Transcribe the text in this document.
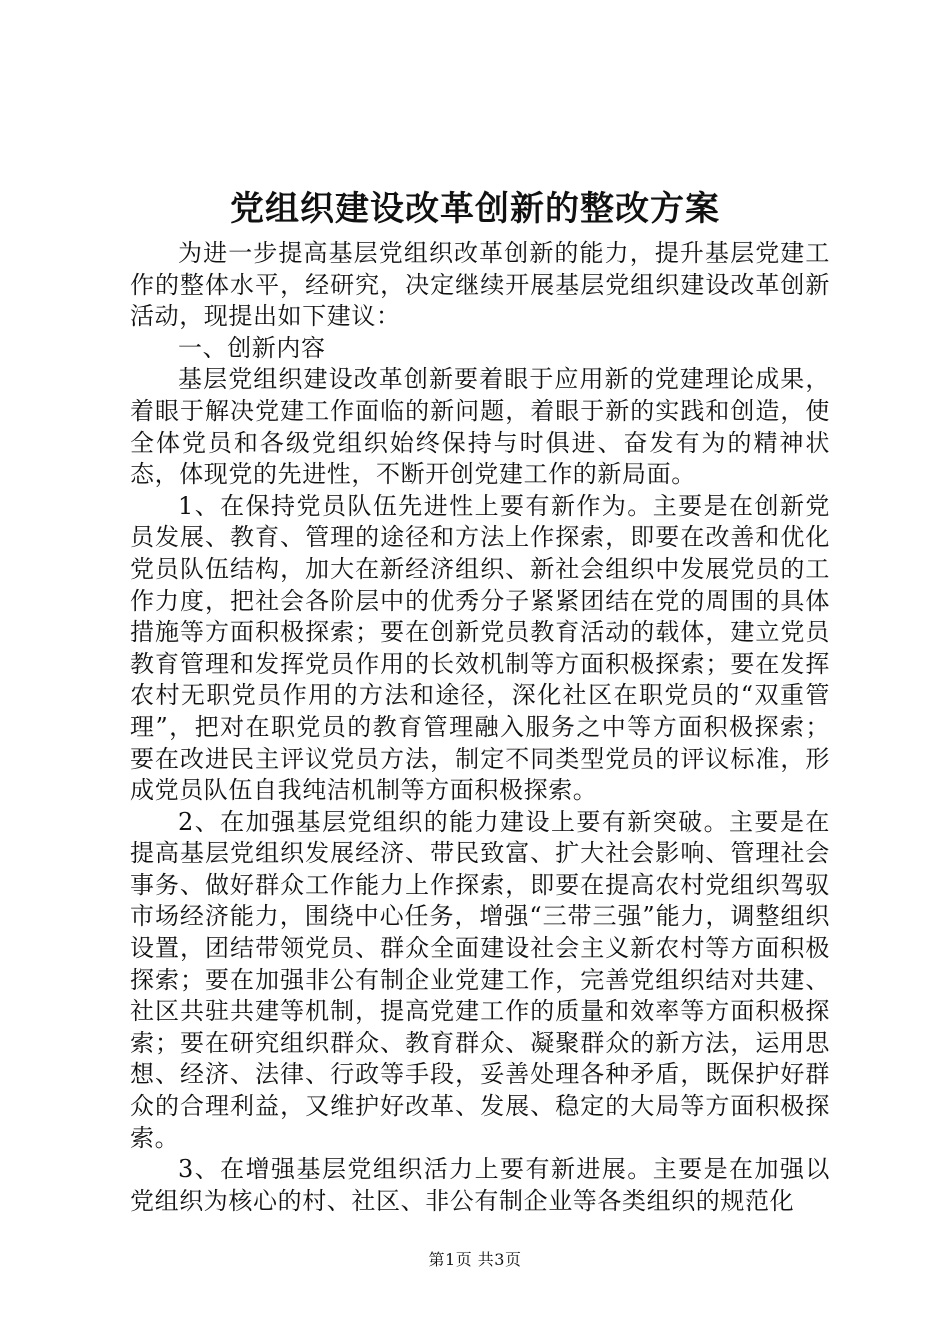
党组织建设改革创新的整改方案

为进一步提高基层党组织改革创新的能力，提升基层党建工作的整体水平，经研究，决定继续开展基层党组织建设改革创新活动，现提出如下建议：

一、创新内容

基层党组织建设改革创新要着眼于应用新的党建理论成果，着眼于解决党建工作面临的新问题，着眼于新的实践和创造，使全体党员和各级党组织始终保持与时俱进、奋发有为的精神状态，体现党的先进性，不断开创党建工作的新局面。

1、在保持党员队伍先进性上要有新作为。主要是在创新党员发展、教育、管理的途径和方法上作探索，即要在改善和优化党员队伍结构，加大在新经济组织、新社会组织中发展党员的工作力度，把社会各阶层中的优秀分子紧紧团结在党的周围的具体措施等方面积极探索；要在创新党员教育活动的载体，建立党员教育管理和发挥党员作用的长效机制等方面积极探索；要在发挥农村无职党员作用的方法和途径，深化社区在职党员的“双重管理”，把对在职党员的教育管理融入服务之中等方面积极探索；要在改进民主评议党员方法，制定不同类型党员的评议标准，形成党员队伍自我纯洁机制等方面积极探索。

2、在加强基层党组织的能力建设上要有新突破。主要是在提高基层党组织发展经济、带民致富、扩大社会影响、管理社会事务、做好群众工作能力上作探索，即要在提高农村党组织驾驭市场经济能力，围绕中心任务，增强“三带三强”能力，调整组织设置，团结带领党员、群众全面建设社会主义新农村等方面积极探索；要在加强非公有制企业党建工作，完善党组织结对共建、社区共驻共建等机制，提高党建工作的质量和效率等方面积极探索；要在研究组织群众、教育群众、凝聚群众的新方法，运用思想、经济、法律、行政等手段，妥善处理各种矛盾，既保护好群众的合理利益，又维护好改革、发展、稳定的大局等方面积极探索。

3、在增强基层党组织活力上要有新进展。主要是在加强以党组织为核心的村、社区、非公有制企业等各类组织的规范化

第1页 共3页
